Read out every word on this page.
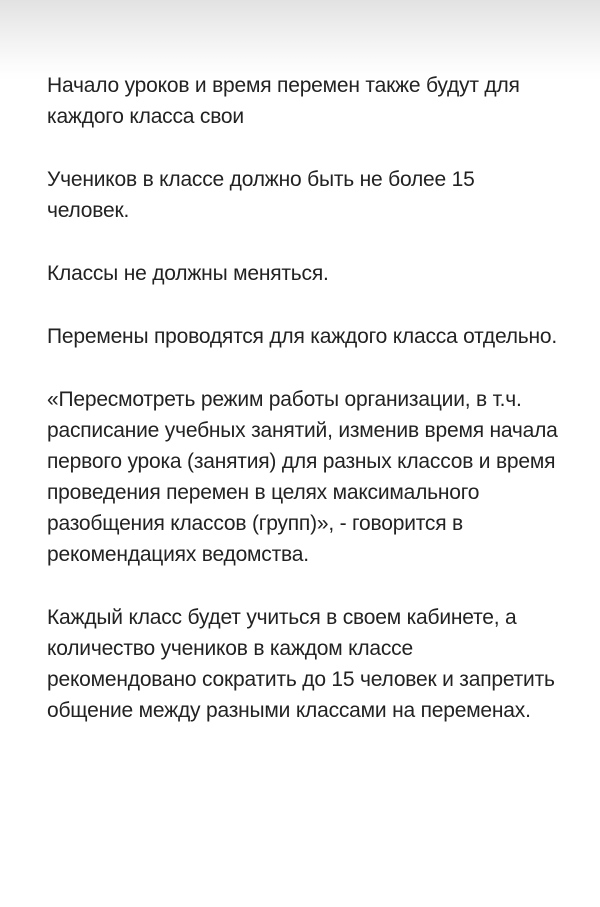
Начало уроков и время перемен также будут для каждого класса свои

Учеников в классе должно быть не более 15 человек.

Классы не должны меняться.

Перемены проводятся для каждого класса отдельно.

«Пересмотреть режим работы организации, в т.ч. расписание учебных занятий, изменив время начала первого урока (занятия) для разных классов и время проведения перемен в целях максимального разобщения классов (групп)», - говорится в рекомендациях ведомства.

Каждый класс будет учиться в своем кабинете, а количество учеников в каждом классе рекомендовано сократить до 15 человек и запретить общение между разными классами на переменах.
